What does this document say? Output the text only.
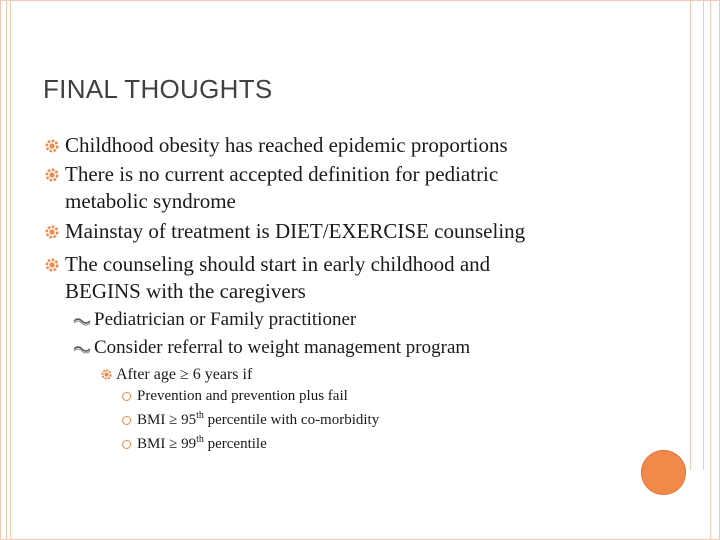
FINAL THOUGHTS
Childhood obesity has reached epidemic proportions
There is no current accepted definition for pediatric
metabolic syndrome
Mainstay of treatment is DIET/EXERCISE counseling
The counseling should start in early childhood and
BEGINS with the caregivers
Pediatrician or Family practitioner
Consider referral to weight management program
After age ≥ 6 years if
Prevention and prevention plus fail
BMI ≥ 95th percentile with co-morbidity
BMI ≥ 99th percentile
